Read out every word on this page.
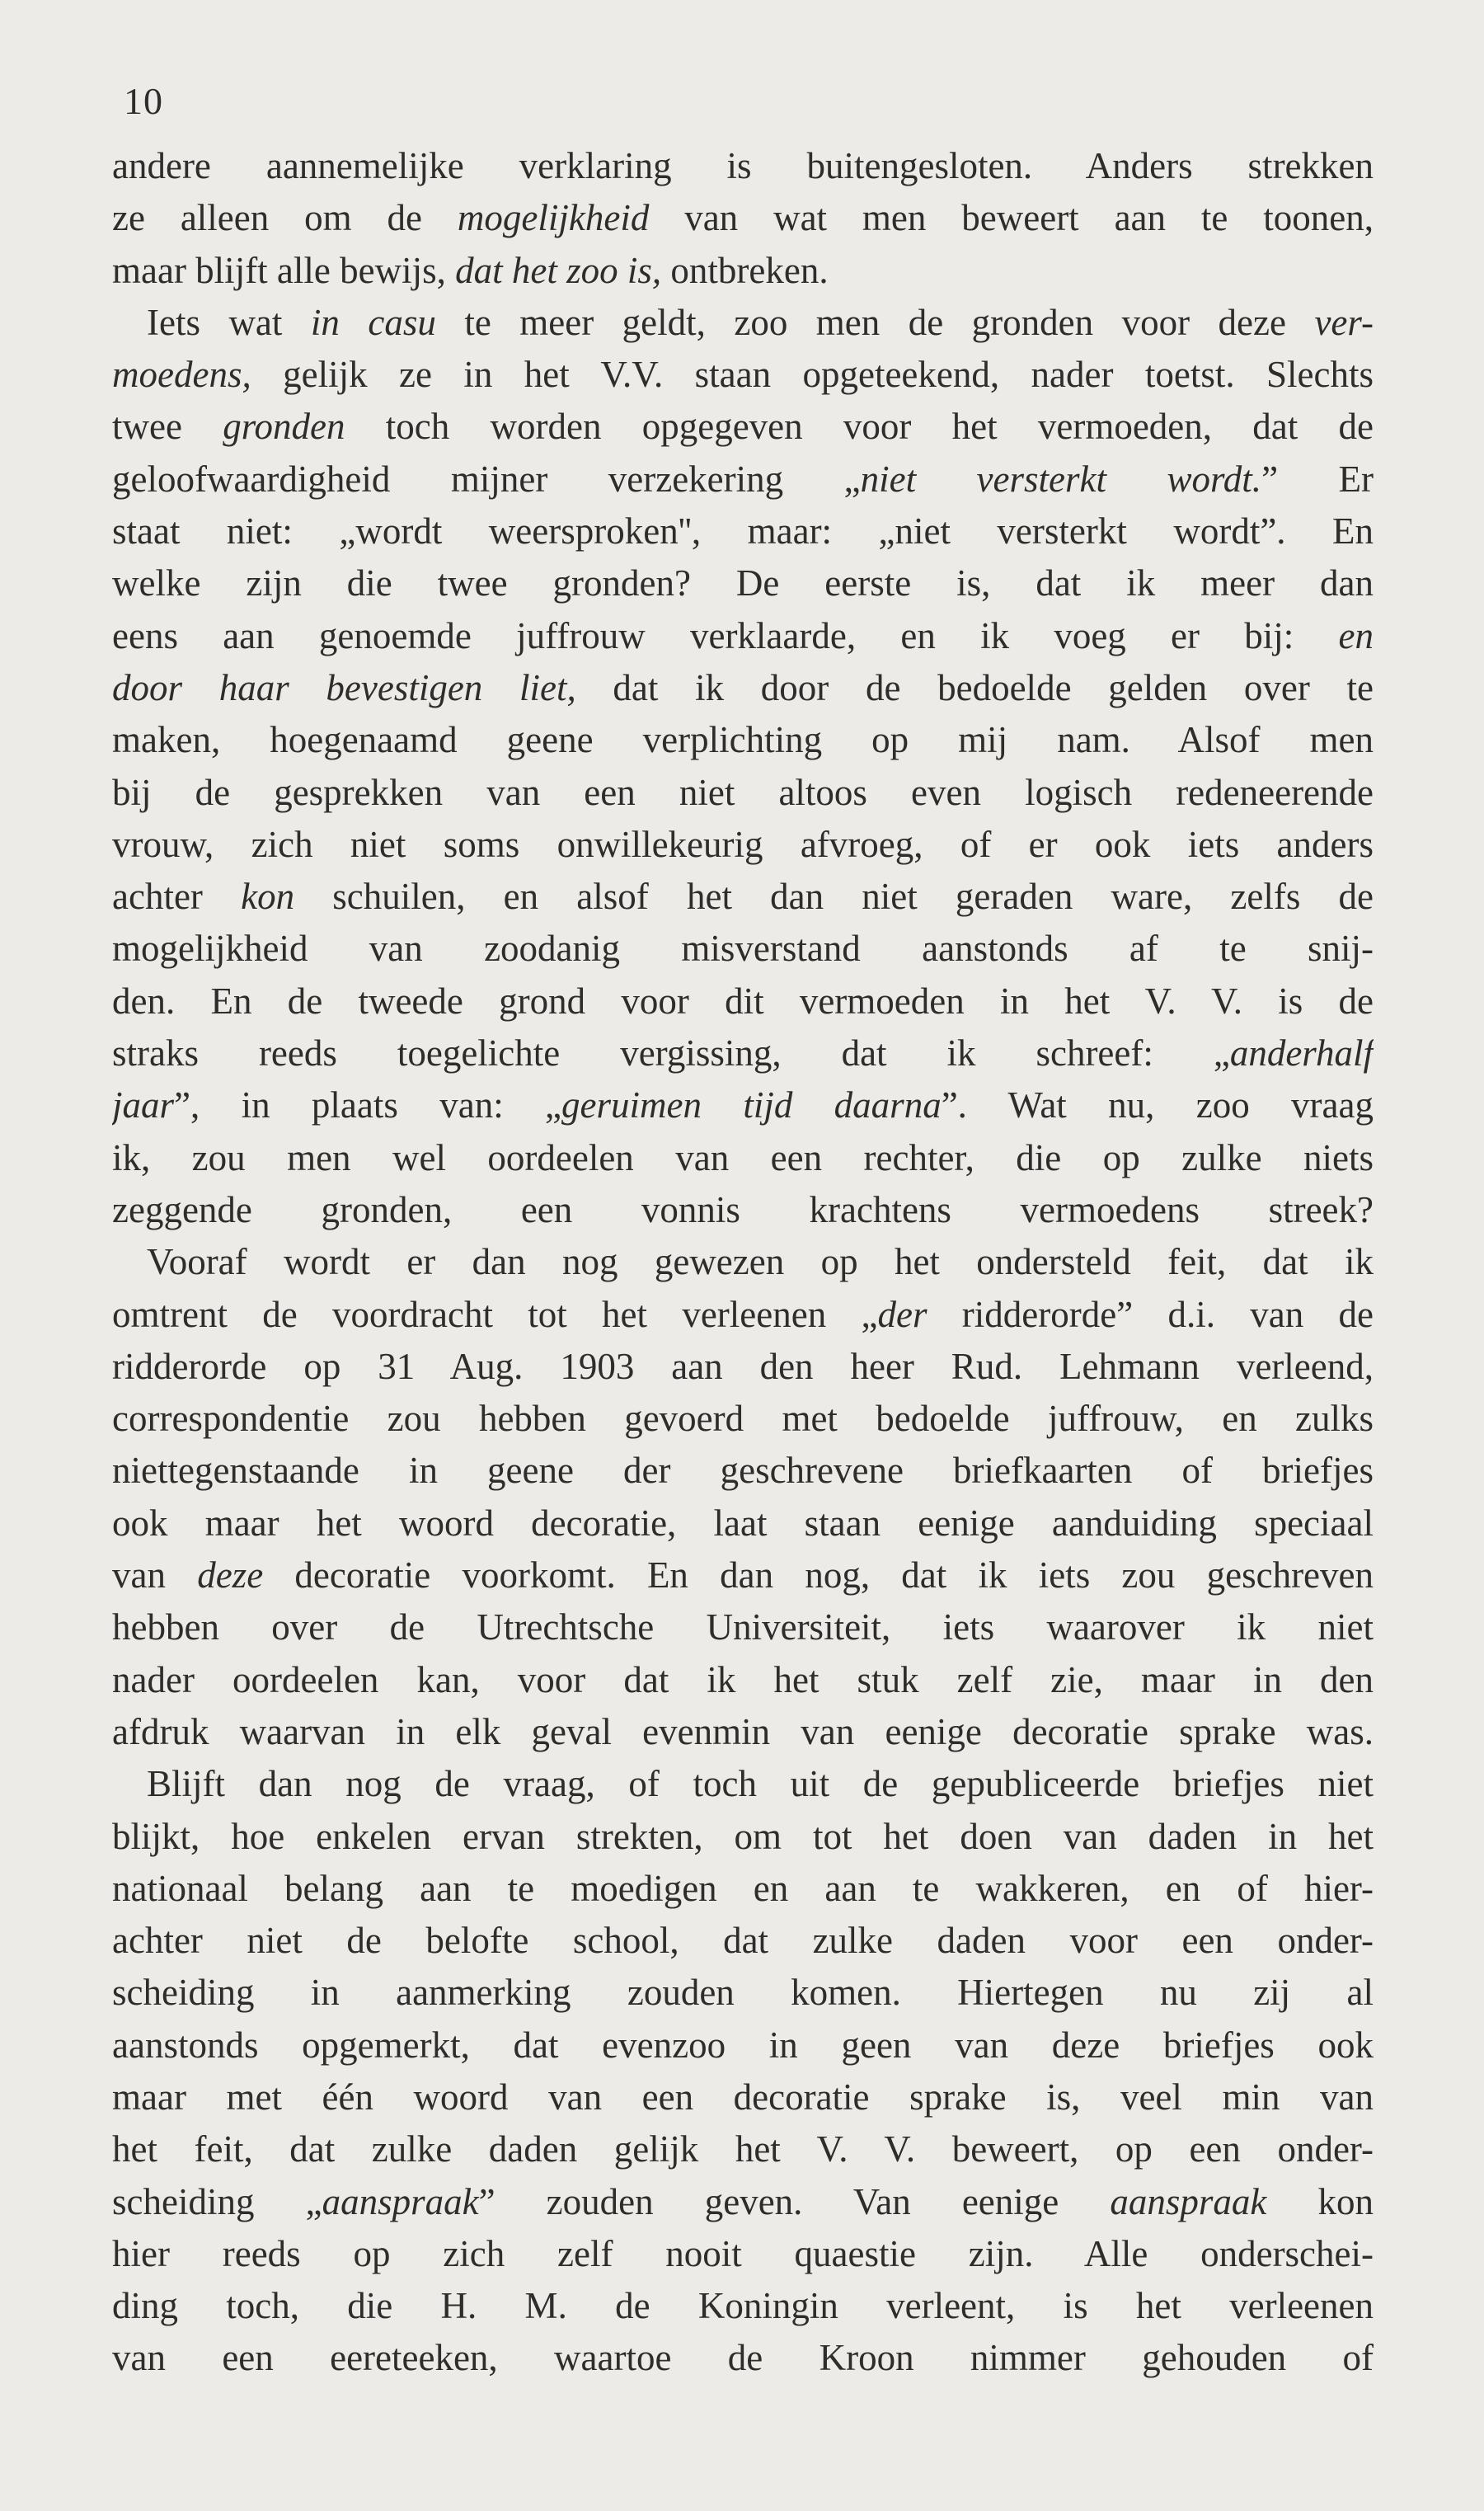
10
andere aannemelijke verklaring is buitengesloten. Anders strekken
ze alleen om de mogelijkheid van wat men beweert aan te toonen,
maar blijft alle bewijs, dat het zoo is, ontbreken.
Iets wat in casu te meer geldt, zoo men de gronden voor deze ver-
moedens, gelijk ze in het V.V. staan opgeteekend, nader toetst. Slechts
twee gronden toch worden opgegeven voor het vermoeden, dat de
geloofwaardigheid mijner verzekering „niet versterkt wordt.” Er
staat niet: „wordt weersproken'', maar: „niet versterkt wordt”. En
welke zijn die twee gronden? De eerste is, dat ik meer dan
eens aan genoemde juffrouw verklaarde, en ik voeg er bij: en
door haar bevestigen liet, dat ik door de bedoelde gelden over te
maken, hoegenaamd geene verplichting op mij nam. Alsof men
bij de gesprekken van een niet altoos even logisch redeneerende
vrouw, zich niet soms onwillekeurig afvroeg, of er ook iets anders
achter kon schuilen, en alsof het dan niet geraden ware, zelfs de
mogelijkheid van zoodanig misverstand aanstonds af te snij-
den. En de tweede grond voor dit vermoeden in het V. V. is de
straks reeds toegelichte vergissing, dat ik schreef: „anderhalf
jaar”, in plaats van: „geruimen tijd daarna”. Wat nu, zoo vraag
ik, zou men wel oordeelen van een rechter, die op zulke niets
zeggende gronden, een vonnis krachtens vermoedens streek?
Vooraf wordt er dan nog gewezen op het ondersteld feit, dat ik
omtrent de voordracht tot het verleenen „der ridderorde” d.i. van de
ridderorde op 31 Aug. 1903 aan den heer Rud. Lehmann verleend,
correspondentie zou hebben gevoerd met bedoelde juffrouw, en zulks
niettegenstaande in geene der geschrevene briefkaarten of briefjes
ook maar het woord decoratie, laat staan eenige aanduiding speciaal
van deze decoratie voorkomt. En dan nog, dat ik iets zou geschreven
hebben over de Utrechtsche Universiteit, iets waarover ik niet
nader oordeelen kan, voor dat ik het stuk zelf zie, maar in den
afdruk waarvan in elk geval evenmin van eenige decoratie sprake was.
Blijft dan nog de vraag, of toch uit de gepubliceerde briefjes niet
blijkt, hoe enkelen ervan strekten, om tot het doen van daden in het
nationaal belang aan te moedigen en aan te wakkeren, en of hier-
achter niet de belofte school, dat zulke daden voor een onder-
scheiding in aanmerking zouden komen. Hiertegen nu zij al
aanstonds opgemerkt, dat evenzoo in geen van deze briefjes ook
maar met één woord van een decoratie sprake is, veel min van
het feit, dat zulke daden gelijk het V. V. beweert, op een onder-
scheiding „aanspraak” zouden geven. Van eenige aanspraak kon
hier reeds op zich zelf nooit quaestie zijn. Alle onderschei-
ding toch, die H. M. de Koningin verleent, is het verleenen
van een eereteeken, waartoe de Kroon nimmer gehouden of
